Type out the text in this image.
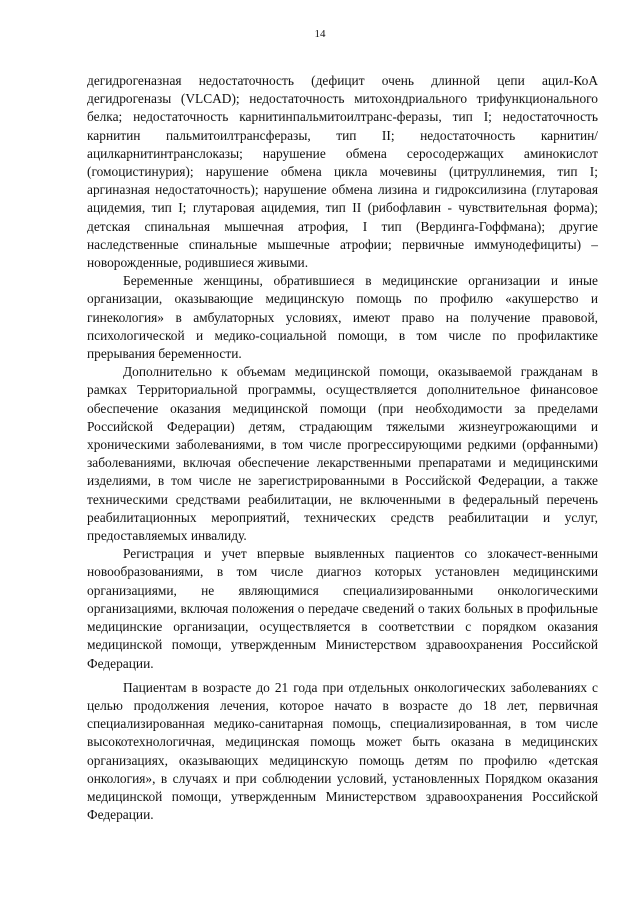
14

дегидрогеназная недостаточность (дефицит очень длинной цепи ацил-КоА дегидрогеназы (VLCAD); недостаточность митохондриального трифункционального белка; недостаточность карнитинпальмитоилтранс-феразы, тип I; недостаточность карнитин пальмитоилтрансферазы, тип II; недостаточность карнитин/ацилкарнитинтранслоказы; нарушение обмена серосодержащих аминокислот (гомоцистинурия); нарушение обмена цикла мочевины (цитруллинемия, тип I; аргиназная недостаточность); нарушение обмена лизина и гидроксилизина (глутаровая ацидемия, тип I; глутаровая ацидемия, тип II (рибофлавин - чувствительная форма); детская спинальная мышечная атрофия, I тип (Вердинга-Гоффмана); другие наследственные спинальные мышечные атрофии; первичные иммунодефициты) – новорожденные, родившиеся живыми.

Беременные женщины, обратившиеся в медицинские организации и иные организации, оказывающие медицинскую помощь по профилю «акушерство и гинекология» в амбулаторных условиях, имеют право на получение правовой, психологической и медико-социальной помощи, в том числе по профилактике прерывания беременности.

Дополнительно к объемам медицинской помощи, оказываемой гражданам в рамках Территориальной программы, осуществляется дополнительное финансовое обеспечение оказания медицинской помощи (при необходимости за пределами Российской Федерации) детям, страдающим тяжелыми жизнеугрожающими и хроническими заболеваниями, в том числе прогрессирующими редкими (орфанными) заболеваниями, включая обеспечение лекарственными препаратами и медицинскими изделиями, в том числе не зарегистрированными в Российской Федерации, а также техническими средствами реабилитации, не включенными в федеральный перечень реабилитационных мероприятий, технических средств реабилитации и услуг, предоставляемых инвалиду.

Регистрация и учет впервые выявленных пациентов со злокачест-венными новообразованиями, в том числе диагноз которых установлен медицинскими организациями, не являющимися специализированными онкологическими организациями, включая положения о передаче сведений о таких больных в профильные медицинские организации, осуществляется в соответствии с порядком оказания медицинской помощи, утвержденным Министерством здравоохранения Российской Федерации.

Пациентам в возрасте до 21 года при отдельных онкологических заболеваниях с целью продолжения лечения, которое начато в возрасте до 18 лет, первичная специализированная медико-санитарная помощь, специализированная, в том числе высокотехнологичная, медицинская помощь может быть оказана в медицинских организациях, оказывающих медицинскую помощь детям по профилю «детская онкология», в случаях и при соблюдении условий, установленных Порядком оказания медицинской помощи, утвержденным Министерством здравоохранения Российской Федерации.
